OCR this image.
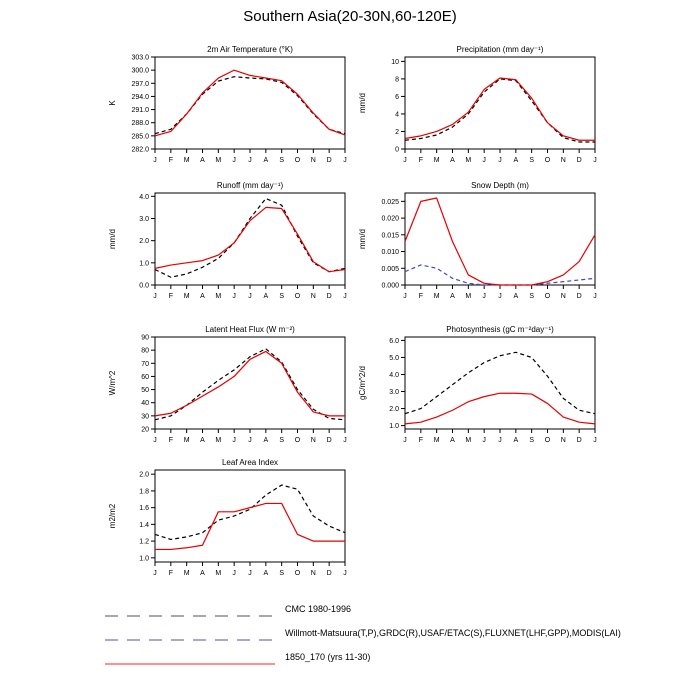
Southern Asia(20-30N,60-120E)
2m Air Temperature (°K)
K
282.0
285.0
288.0
291.0
294.0
297.0
300.0
303.0
J F M A M J J A S O N D J
Precipitation (mm day⁻¹)
mm/d
0
2
4
6
8
10
J F M A M J J A S O N D J
Runoff (mm day⁻¹)
mm/d
0.0
1.0
2.0
3.0
4.0
J F M A M J J A S O N D J
Snow Depth (m)
mm/d
0.000
0.005
0.010
0.015
0.020
0.025
J F M A M J J A S O N D J
Latent Heat Flux (W m⁻²)
W/m^2
20
30
40
50
60
70
80
90
J F M A M J J A S O N D J
Photosynthesis (gC m⁻²day⁻¹)
gC/m^2/d
1.0
2.0
3.0
4.0
5.0
6.0
J F M A M J J A S O N D J
Leaf Area Index
m2/m2
1.0
1.2
1.4
1.6
1.8
2.0
J F M A M J J A S O N D J
CMC 1980-1996
Willmott-Matsuura(T,P),GRDC(R),USAF/ETAC(S),FLUXNET(LHF,GPP),MODIS(LAI)
1850_170 (yrs 11-30)
